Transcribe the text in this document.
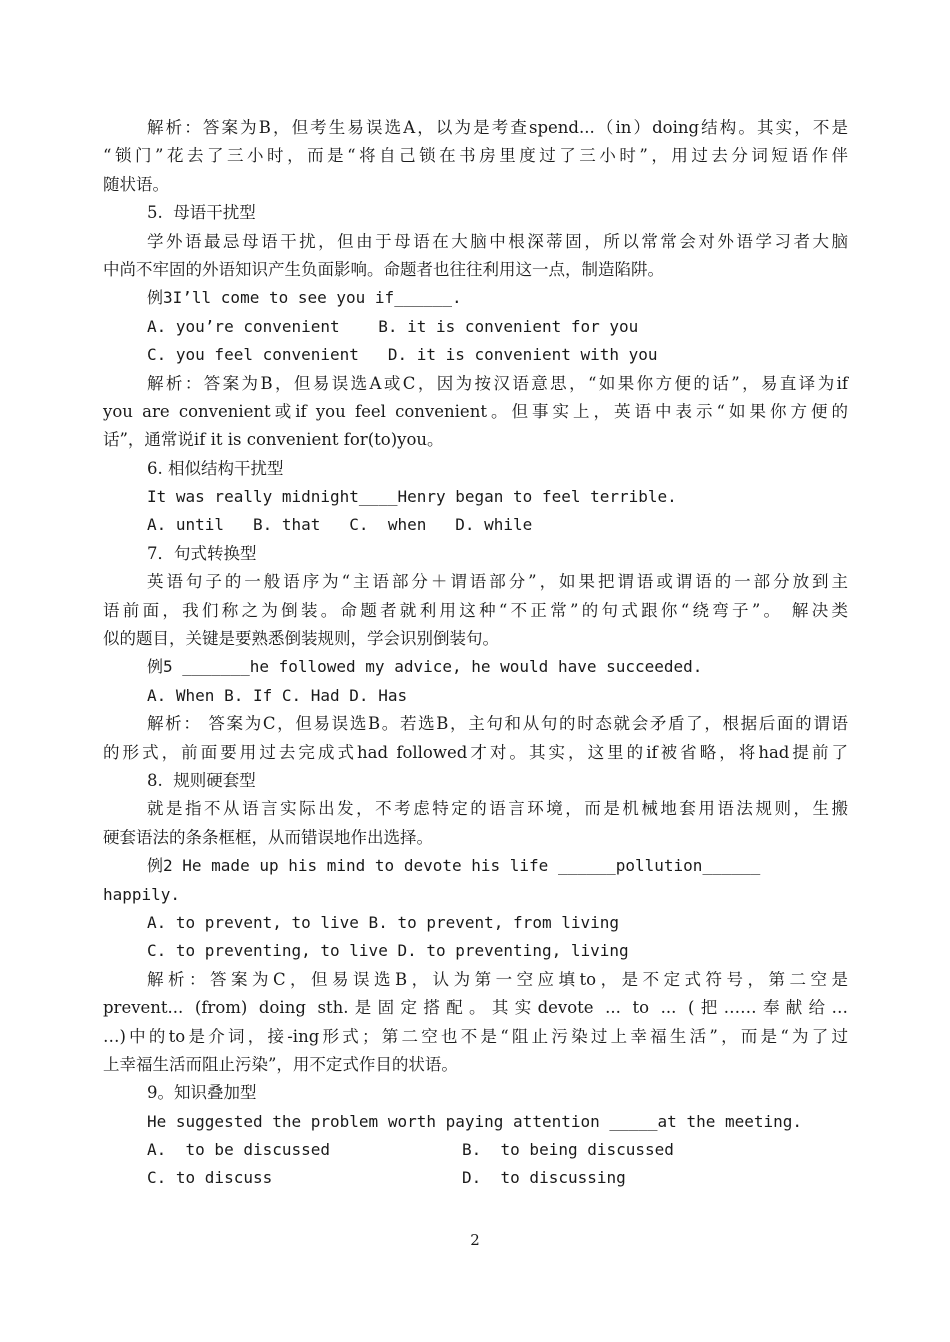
解析：答案为B，但考生易误选A，以为是考查spend...（in）doing结构。其实，不是
“锁门”花去了三小时，而是“将自己锁在书房里度过了三小时”，用过去分词短语作伴
随状语。
5.  母语干扰型
学外语最忌母语干扰，但由于母语在大脑中根深蒂固，所以常常会对外语学习者大脑
中尚不牢固的外语知识产生负面影响。命题者也往往利用这一点，制造陷阱。
例3I’ll come to see you if______.
A. you’re convenient    B. it is convenient for you
C. you feel convenient   D. it is convenient with you
解析：答案为B，但易误选A或C，因为按汉语意思，“如果你方便的话”，易直译为if
you are convenient或if you feel convenient。但事实上，英语中表示“如果你方便的
话”，通常说if it is convenient for(to)you。
6. 相似结构干扰型
It was really midnight____Henry began to feel terrible.
A. until   B. that   C.  when   D. while
7．句式转换型
英语句子的一般语序为“主语部分＋谓语部分”，如果把谓语或谓语的一部分放到主
语前面，我们称之为倒装。命题者就利用这种“不正常”的句式跟你“绕弯子”。 解决类
似的题目，关键是要熟悉倒装规则，学会识别倒装句。
例5 _______he followed my advice, he would have succeeded.
A. When B. If C. Had D. Has
解析： 答案为C，但易误选B。若选B，主句和从句的时态就会矛盾了，根据后面的谓语
的形式，前面要用过去完成式had followed才对。其实，这里的if被省略，将had提前了
8.  规则硬套型
就是指不从语言实际出发，不考虑特定的语言环境，而是机械地套用语法规则，生搬
硬套语法的条条框框，从而错误地作出选择。
例2 He made up his mind to devote his life ______pollution______
happily.
A. to prevent, to live B. to prevent, from living
C. to preventing, to live D. to preventing, living
解析：答案为C，但易误选B，认为第一空应填to，是不定式符号，第二空是
prevent... (from) doing sth.是固定搭配。其实devote ... to ... (把……奉献给…
…)中的to是介词，接-ing形式；第二空也不是“阻止污染过上幸福生活”，而是“为了过
上幸福生活而阻止污染”，用不定式作目的状语。
9。知识叠加型
He suggested the problem worth paying attention _____at the meeting.
A.  to be discussed	B.  to being discussed
C. to discuss	D.  to discussing
2
